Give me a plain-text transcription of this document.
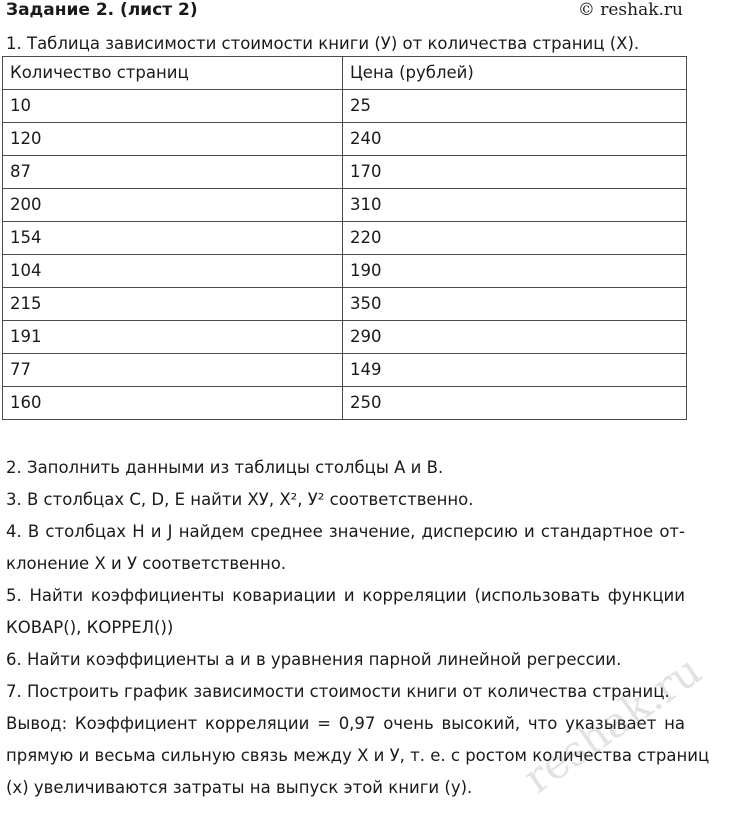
Задание 2. (лист 2)	© reshak.ru
1. Таблица зависимости стоимости книги (У) от количества страниц (Х).
Количество страниц	Цена (рублей)
10	25
120	240
87	170
200	310
154	220
104	190
215	350
191	290
77	149
160	250
2. Заполнить данными из таблицы столбцы А и В.
3. В столбцах С, D, E найти ХУ, Х², У² соответственно.
4. В столбцах H и J найдем среднее значение, дисперсию и стандартное от-
клонение Х и У соответственно.
5. Найти коэффициенты ковариации и корреляции (использовать функции
КОВАР(), КОРРЕЛ())
6. Найти коэффициенты а и в уравнения парной линейной регрессии.
7. Построить график зависимости стоимости книги от количества страниц.
Вывод: Коэффициент корреляции = 0,97 очень высокий, что указывает на
прямую и весьма сильную связь между Х и У, т. е. с ростом количества страниц
(х) увеличиваются затраты на выпуск этой книги (у).	reshak.ru
